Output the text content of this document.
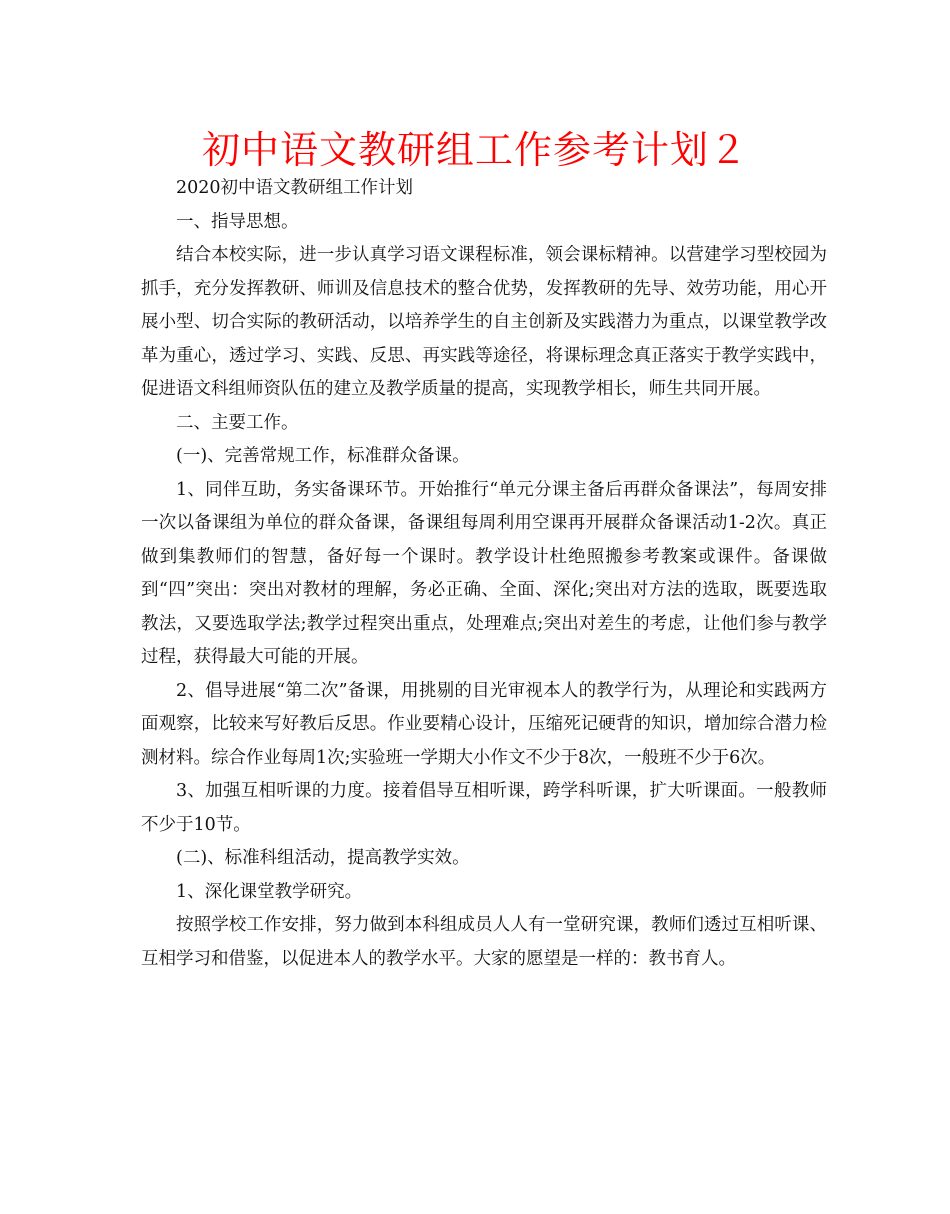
初中语文教研组工作参考计划２

2020初中语文教研组工作计划

一、指导思想。

结合本校实际，进一步认真学习语文课程标准，领会课标精神。以营建学习型校园为抓手，充分发挥教研、师训及信息技术的整合优势，发挥教研的先导、效劳功能，用心开展小型、切合实际的教研活动，以培养学生的自主创新及实践潜力为重点，以课堂教学改革为重心，透过学习、实践、反思、再实践等途径，将课标理念真正落实于教学实践中，促进语文科组师资队伍的建立及教学质量的提高，实现教学相长，师生共同开展。

二、主要工作。

(一)、完善常规工作，标准群众备课。

1、同伴互助，务实备课环节。开始推行“单元分课主备后再群众备课法”，每周安排一次以备课组为单位的群众备课，备课组每周利用空课再开展群众备课活动1-2次。真正做到集教师们的智慧，备好每一个课时。教学设计杜绝照搬参考教案或课件。备课做到“四”突出：突出对教材的理解，务必正确、全面、深化;突出对方法的选取，既要选取教法，又要选取学法;教学过程突出重点，处理难点;突出对差生的考虑，让他们参与教学过程，获得最大可能的开展。

2、倡导进展“第二次”备课，用挑剔的目光审视本人的教学行为，从理论和实践两方面观察，比较来写好教后反思。作业要精心设计，压缩死记硬背的知识，增加综合潜力检测材料。综合作业每周1次;实验班一学期大小作文不少于8次，一般班不少于6次。

3、加强互相听课的力度。接着倡导互相听课，跨学科听课，扩大听课面。一般教师不少于10节。

(二)、标准科组活动，提高教学实效。

1、深化课堂教学研究。

按照学校工作安排，努力做到本科组成员人人有一堂研究课，教师们透过互相听课、互相学习和借鉴，以促进本人的教学水平。大家的愿望是一样的：教书育人。
